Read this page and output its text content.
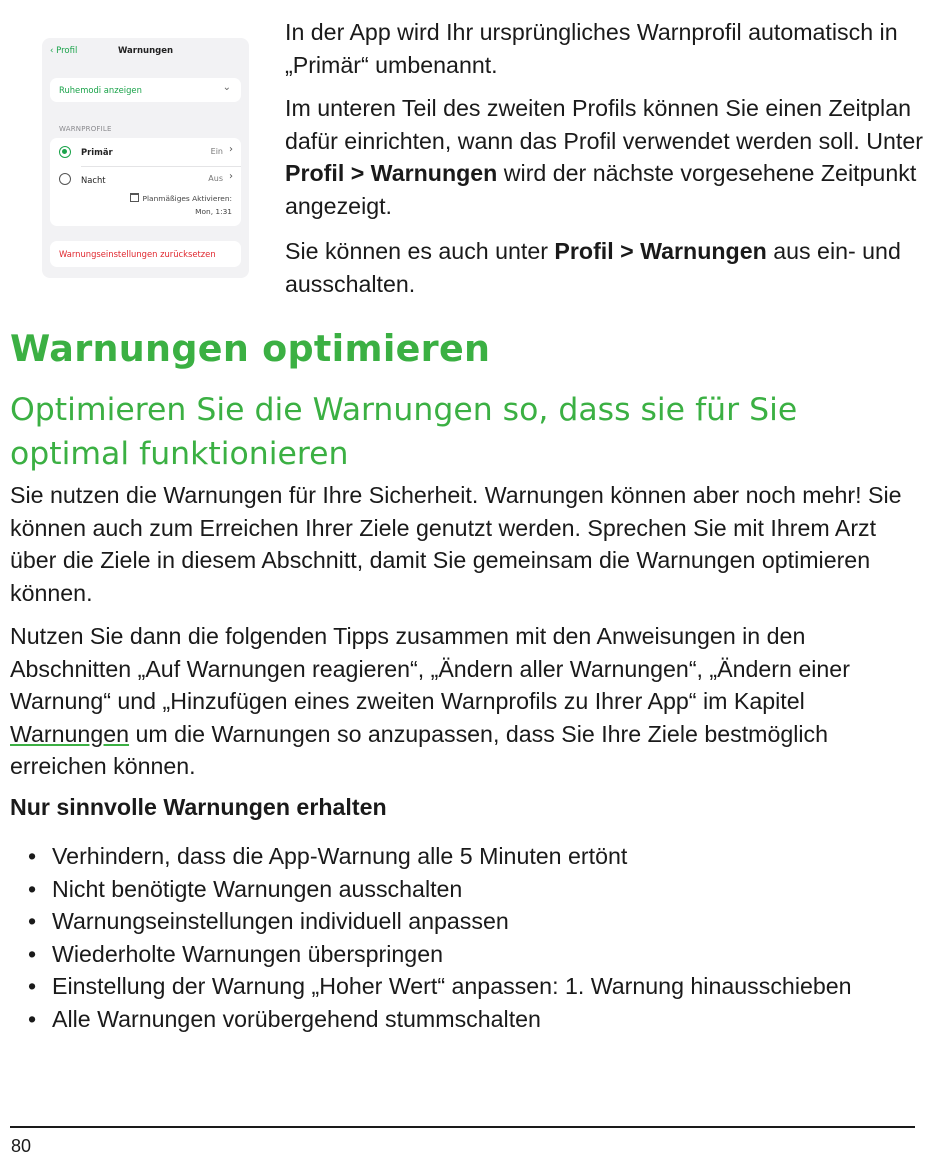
‹ Profil	Warnungen
Ruhemodi anzeigen	⌄
WARNPROFILE
Primär	Ein ›
Nacht	Aus ›
Planmäßiges Aktivieren:
Mon, 1:31
Warnungseinstellungen zurücksetzen

In der App wird Ihr ursprüngliches Warnprofil automatisch in „Primär“ umbenannt.

Im unteren Teil des zweiten Profils können Sie einen Zeitplan dafür einrichten, wann das Profil verwendet werden soll. Unter Profil > Warnungen wird der nächste vorgesehene Zeitpunkt angezeigt.

Sie können es auch unter Profil > Warnungen aus ein- und ausschalten.

Warnungen optimieren
Optimieren Sie die Warnungen so, dass sie für Sie optimal funktionieren

Sie nutzen die Warnungen für Ihre Sicherheit. Warnungen können aber noch mehr! Sie können auch zum Erreichen Ihrer Ziele genutzt werden. Sprechen Sie mit Ihrem Arzt über die Ziele in diesem Abschnitt, damit Sie gemeinsam die Warnungen optimieren können.

Nutzen Sie dann die folgenden Tipps zusammen mit den Anweisungen in den Abschnitten „Auf Warnungen reagieren“, „Ändern aller Warnungen“, „Ändern einer Warnung“ und „Hinzufügen eines zweiten Warnprofils zu Ihrer App“ im Kapitel Warnungen um die Warnungen so anzupassen, dass Sie Ihre Ziele bestmöglich erreichen können.

Nur sinnvolle Warnungen erhalten
• Verhindern, dass die App-Warnung alle 5 Minuten ertönt
• Nicht benötigte Warnungen ausschalten
• Warnungseinstellungen individuell anpassen
• Wiederholte Warnungen überspringen
• Einstellung der Warnung „Hoher Wert“ anpassen: 1. Warnung hinausschieben
• Alle Warnungen vorübergehend stummschalten
80
